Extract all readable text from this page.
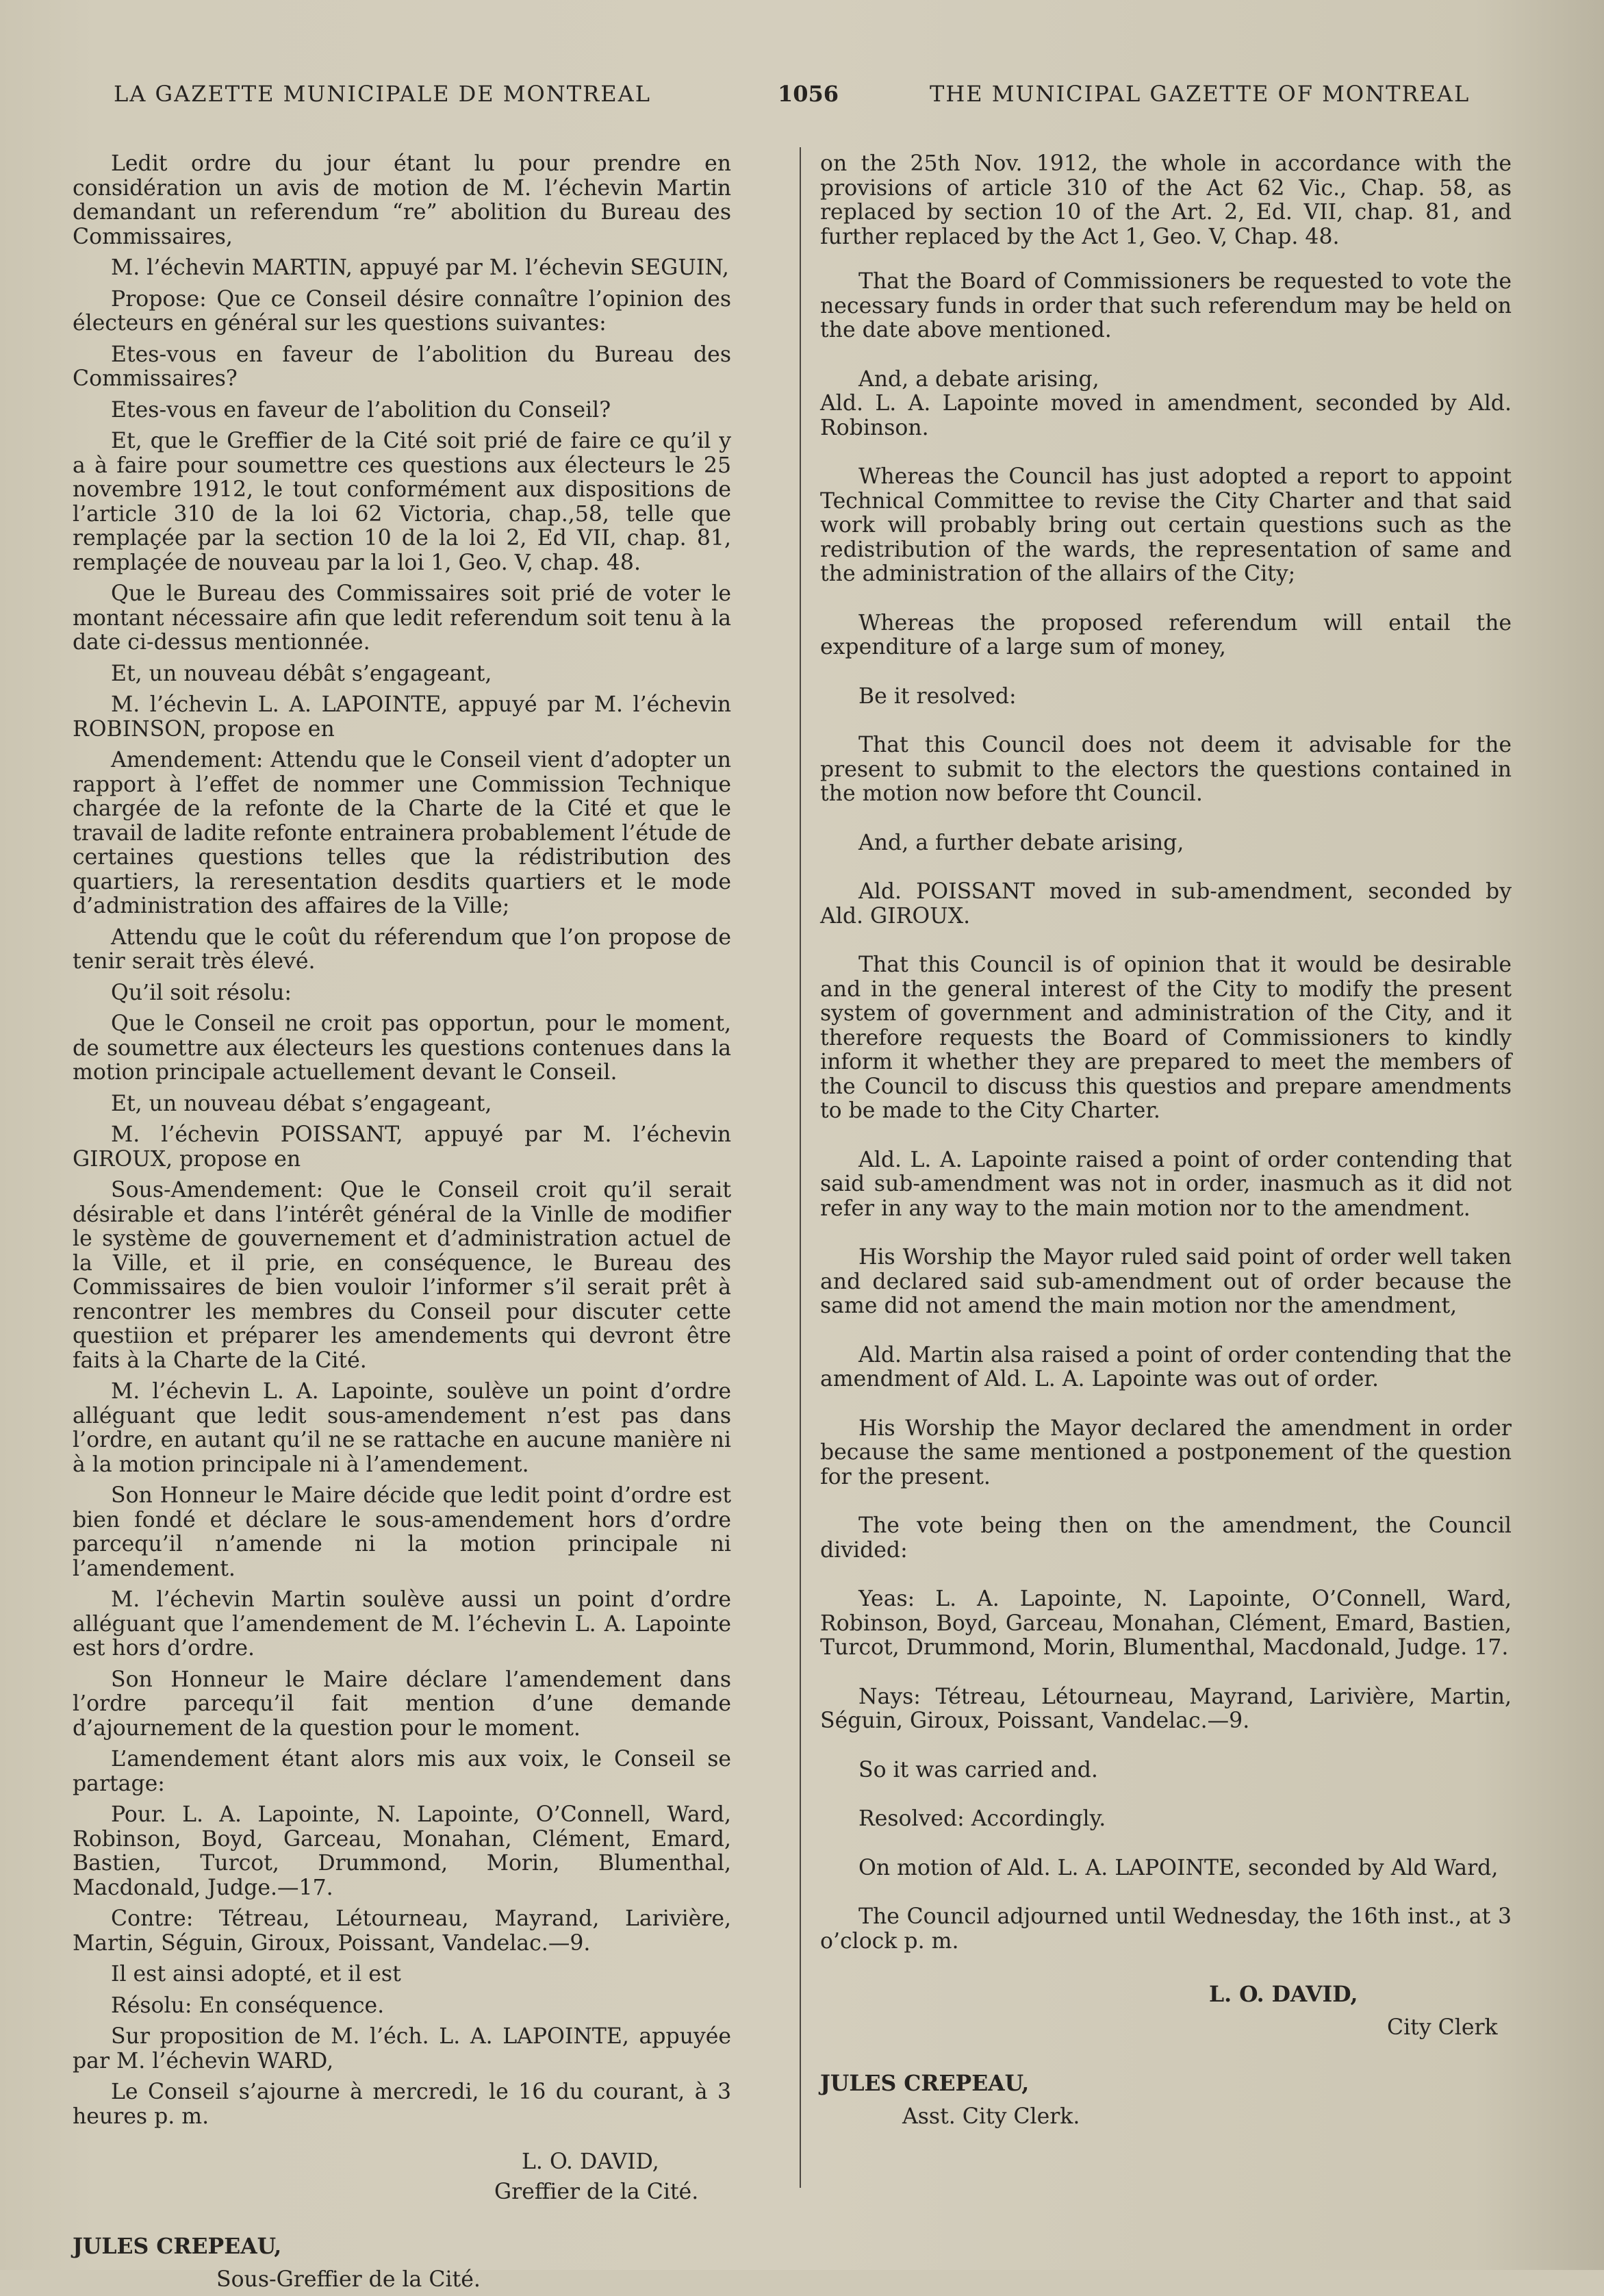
LA GAZETTE MUNICIPALE DE MONTREAL	1056	THE MUNICIPAL GAZETTE OF MONTREAL

Ledit ordre du jour étant lu pour prendre en considération un avis de motion de M. l’échevin Martin demandant un referendum “re” abolition du Bureau des Commissaires,

M. l’échevin MARTIN, appuyé par M. l’échevin SEGUIN,

Propose: Que ce Conseil désire connaître l’opinion des électeurs en général sur les questions suivantes:

Etes-vous en faveur de l’abolition du Bureau des Commissaires?

Etes-vous en faveur de l’abolition du Conseil?

Et, que le Greffier de la Cité soit prié de faire ce qu’il y a à faire pour soumettre ces questions aux électeurs le 25 novembre 1912, le tout conformément aux dispositions de l’article 310 de la loi 62 Victoria, chap.,58, telle que remplaçée par la section 10 de la loi 2, Ed VII, chap. 81, remplaçée de nouveau par la loi 1, Geo. V, chap. 48.

Que le Bureau des Commissaires soit prié de voter le montant nécessaire afin que ledit referendum soit tenu à la date ci-dessus mentionnée.

Et, un nouveau débât s’engageant,

M. l’échevin L. A. LAPOINTE, appuyé par M. l’échevin ROBINSON, propose en

Amendement: Attendu que le Conseil vient d’adopter un rapport à l’effet de nommer une Commission Technique chargée de la refonte de la Charte de la Cité et que le travail de ladite refonte entrainera probablement l’étude de certaines questions telles que la rédistribution des quartiers, la reresentation desdits quartiers et le mode d’administration des affaires de la Ville;

Attendu que le coût du réferendum que l’on propose de tenir serait très élevé.

Qu’il soit résolu:

Que le Conseil ne croit pas opportun, pour le moment, de soumettre aux électeurs les questions contenues dans la motion principale actuellement devant le Conseil.

Et, un nouveau débat s’engageant,

M. l’échevin POISSANT, appuyé par M. l’échevin GIROUX, propose en

Sous-Amendement: Que le Conseil croit qu’il serait désirable et dans l’intérêt général de la Vinlle de modifier le système de gouvernement et d’administration actuel de la Ville, et il prie, en conséquence, le Bureau des Commissaires de bien vouloir l’informer s’il serait prêt à rencontrer les membres du Conseil pour discuter cette questiion et préparer les amendements qui devront être faits à la Charte de la Cité.

M. l’échevin L. A. Lapointe, soulève un point d’ordre alléguant que ledit sous-amendement n’est pas dans l’ordre, en autant qu’il ne se rattache en aucune manière ni à la motion principale ni à l’amendement.

Son Honneur le Maire décide que ledit point d’ordre est bien fondé et déclare le sous-amendement hors d’ordre parcequ’il n’amende ni la motion principale ni l’amendement.

M. l’échevin Martin soulève aussi un point d’ordre alléguant que l’amendement de M. l’échevin L. A. Lapointe est hors d’ordre.

Son Honneur le Maire déclare l’amendement dans l’ordre parcequ’il fait mention d’une demande d’ajournement de la question pour le moment.

L’amendement étant alors mis aux voix, le Conseil se partage:

Pour. L. A. Lapointe, N. Lapointe, O’Connell, Ward, Robinson, Boyd, Garceau, Monahan, Clément, Emard, Bastien, Turcot, Drummond, Morin, Blumenthal, Macdonald, Judge.—17.

Contre: Tétreau, Létourneau, Mayrand, Larivière, Martin, Séguin, Giroux, Poissant, Vandelac.—9.

Il est ainsi adopté, et il est

Résolu: En conséquence.

Sur proposition de M. l’éch. L. A. LAPOINTE, appuyée par M. l’échevin WARD,

Le Conseil s’ajourne à mercredi, le 16 du courant, à 3 heures p. m.

L. O. DAVID,
Greffier de la Cité.
JULES CREPEAU,
Sous-Greffier de la Cité.

on the 25th Nov. 1912, the whole in accordance with the provisions of article 310 of the Act 62 Vic., Chap. 58, as replaced by section 10 of the Art. 2, Ed. VII, chap. 81, and further replaced by the Act 1, Geo. V, Chap. 48.

That the Board of Commissioners be requested to vote the necessary funds in order that such referendum may be held on the date above mentioned.

And, a debate arising,
Ald. L. A. Lapointe moved in amendment, seconded by Ald. Robinson.

Whereas the Council has just adopted a report to appoint Technical Committee to revise the City Charter and that said work will probably bring out certain questions such as the redistribution of the wards, the representation of same and the administration of the allairs of the City;

Whereas the proposed referendum will entail the expenditure of a large sum of money,

Be it resolved:

That this Council does not deem it advisable for the present to submit to the electors the questions contained in the motion now before tht Council.

And, a further debate arising,

Ald. POISSANT moved in sub-amendment, seconded by Ald. GIROUX.

That this Council is of opinion that it would be desirable and in the general interest of the City to modify the present system of government and administration of the City, and it therefore requests the Board of Commissioners to kindly inform it whether they are prepared to meet the members of the Council to discuss this questios and prepare amendments to be made to the City Charter.

Ald. L. A. Lapointe raised a point of order contending that said sub-amendment was not in order, inasmuch as it did not refer in any way to the main motion nor to the amendment.

His Worship the Mayor ruled said point of order well taken and declared said sub-amendment out of order because the same did not amend the main motion nor the amendment,

Ald. Martin alsa raised a point of order contending that the amendment of Ald. L. A. Lapointe was out of order.

His Worship the Mayor declared the amendment in order because the same mentioned a postponement of the question for the present.

The vote being then on the amendment, the Council divided:

Yeas: L. A. Lapointe, N. Lapointe, O’Connell, Ward, Robinson, Boyd, Garceau, Monahan, Clément, Emard, Bastien, Turcot, Drummond, Morin, Blumenthal, Macdonald, Judge. 17.

Nays: Tétreau, Létourneau, Mayrand, Larivière, Martin, Séguin, Giroux, Poissant, Vandelac.—9.

So it was carried and.

Resolved: Accordingly.

On motion of Ald. L. A. LAPOINTE, seconded by Ald Ward,

The Council adjourned until Wednesday, the 16th inst., at 3 o’clock p. m.

L. O. DAVID,
City Clerk
JULES CREPEAU,
Asst. City Clerk.
